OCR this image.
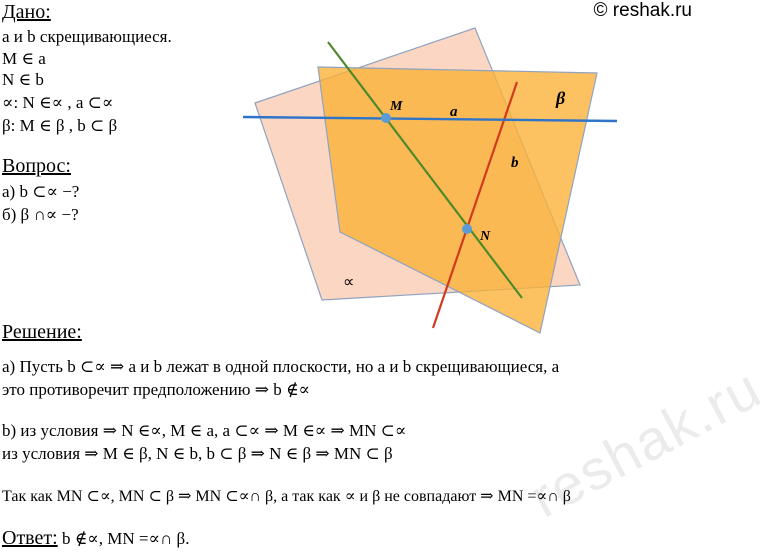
© reshak.ru
reshak.ru
Дано:
a и b скрещивающиеся.
M ∈ a
N ∈ b
∝: N ∈∝ , a ⊂∝
β: M ∈ β , b ⊂ β
Вопрос:
а) b ⊂∝ −?
б) β ∩∝ −?
M
N
a
b
β
∝
Решение:
а) Пусть b ⊂∝ ⇒ a и b лежат в одной плоскости, но a и b скрещивающиеся, а
это противоречит предположению ⇒ b ∉∝
b) из условия ⇒ N ∈∝, M ∈ a, a ⊂∝ ⇒ M ∈∝ ⇒ MN ⊂∝
из условия ⇒ M ∈ β, N ∈ b, b ⊂ β ⇒ N ∈ β ⇒ MN ⊂ β
Так как MN ⊂∝, MN ⊂ β ⇒ MN ⊂∝∩ β, а так как ∝ и β не совпадают ⇒ MN =∝∩ β
Ответ: b ∉∝, MN =∝∩ β.
